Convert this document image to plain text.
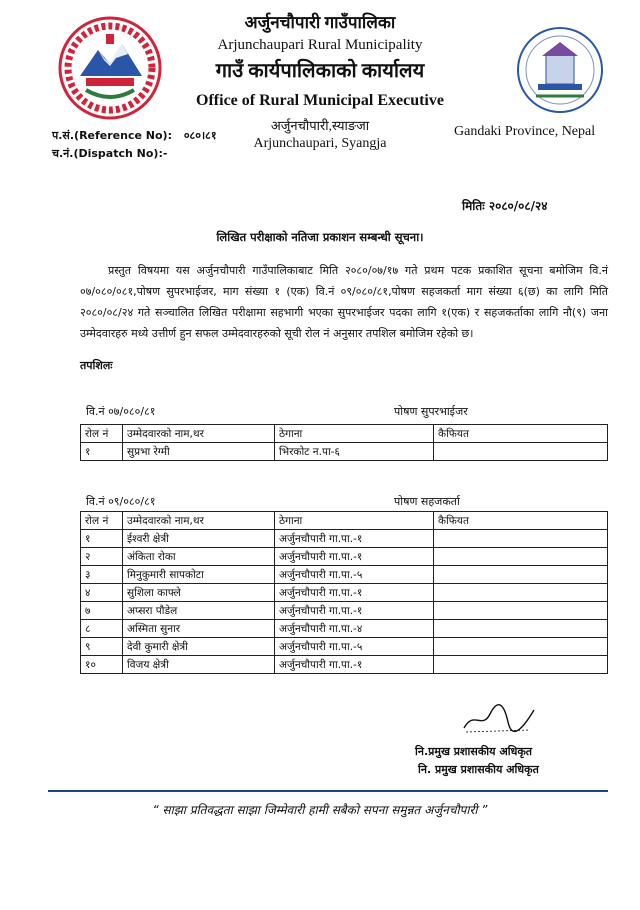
अर्जुनचौपारी गाउँपालिका
Arjunchaupari Rural Municipality
गाउँ कार्यपालिकाको कार्यालय
Office of Rural Municipal Executive
अर्जुनचौपारी,स्याङजा
Arjunchaupari, Syangja
Gandaki Province, Nepal
प.सं.(Reference No): ०८०।८१
च.नं.(Dispatch No):-
मितिः २०८०/०८/२४
लिखित परीक्षाको नतिजा प्रकाशन सम्बन्धी सूचना।
प्रस्तुत विषयमा यस अर्जुनचौपारी गाउँपालिकाबाट मिति २०८०/०७/१७ गते प्रथम पटक प्रकाशित सूचना बमोजिम वि.नं ०७/०८०/०८१,पोषण सुपरभाईजर, माग संख्या १ (एक) वि.नं ०९/०८०/८१,पोषण सहजकर्ता माग संख्या ६(छ) का लागि मिति २०८०/०८/२४ गते सञ्चालित लिखित परीक्षामा सहभागी भएका सुपरभाईजर पदका लागि १(एक) र सहजकर्ताका लागि नौ(९) जना उम्मेदवारहरु मध्ये उत्तीर्ण हुन सफल उम्मेदवारहरुको सूची रोल नं अनुसार तपशिल बमोजिम रहेको छ।
तपशिलः
वि.नं ०७/०८०/८१	पोषण सुपरभाईजर
रोल नं	उम्मेदवारको नाम,थर	ठेगाना	कैफियत
१	सुप्रभा रेग्मी	भिरकोट न.पा-६	
वि.नं ०९/०८०/८१	पोषण सहजकर्ता
रोल नं	उम्मेदवारको नाम,थर	ठेगाना	कैफियत
१	ईश्वरी क्षेत्री	अर्जुनचौपारी गा.पा.-१	
२	अंकिता रोका	अर्जुनचौपारी गा.पा.-१	
३	मिनुकुमारी सापकोटा	अर्जुनचौपारी गा.पा.-५	
४	सुशिला काफ्ले	अर्जुनचौपारी गा.पा.-१	
७	अप्सरा पौडेल	अर्जुनचौपारी गा.पा.-१	
८	अस्मिता सुनार	अर्जुनचौपारी गा.पा.-४	
९	देवी कुमारी क्षेत्री	अर्जुनचौपारी गा.पा.-५	
१०	विजय क्षेत्री	अर्जुनचौपारी गा.पा.-१	
नि.प्रमुख प्रशासकीय अधिकृत
नि. प्रमुख प्रशासकीय अधिकृत
“ साझा प्रतिवद्धता साझा जिम्मेवारी हामी सबैको सपना समुन्नत अर्जुनचौपारी ”
